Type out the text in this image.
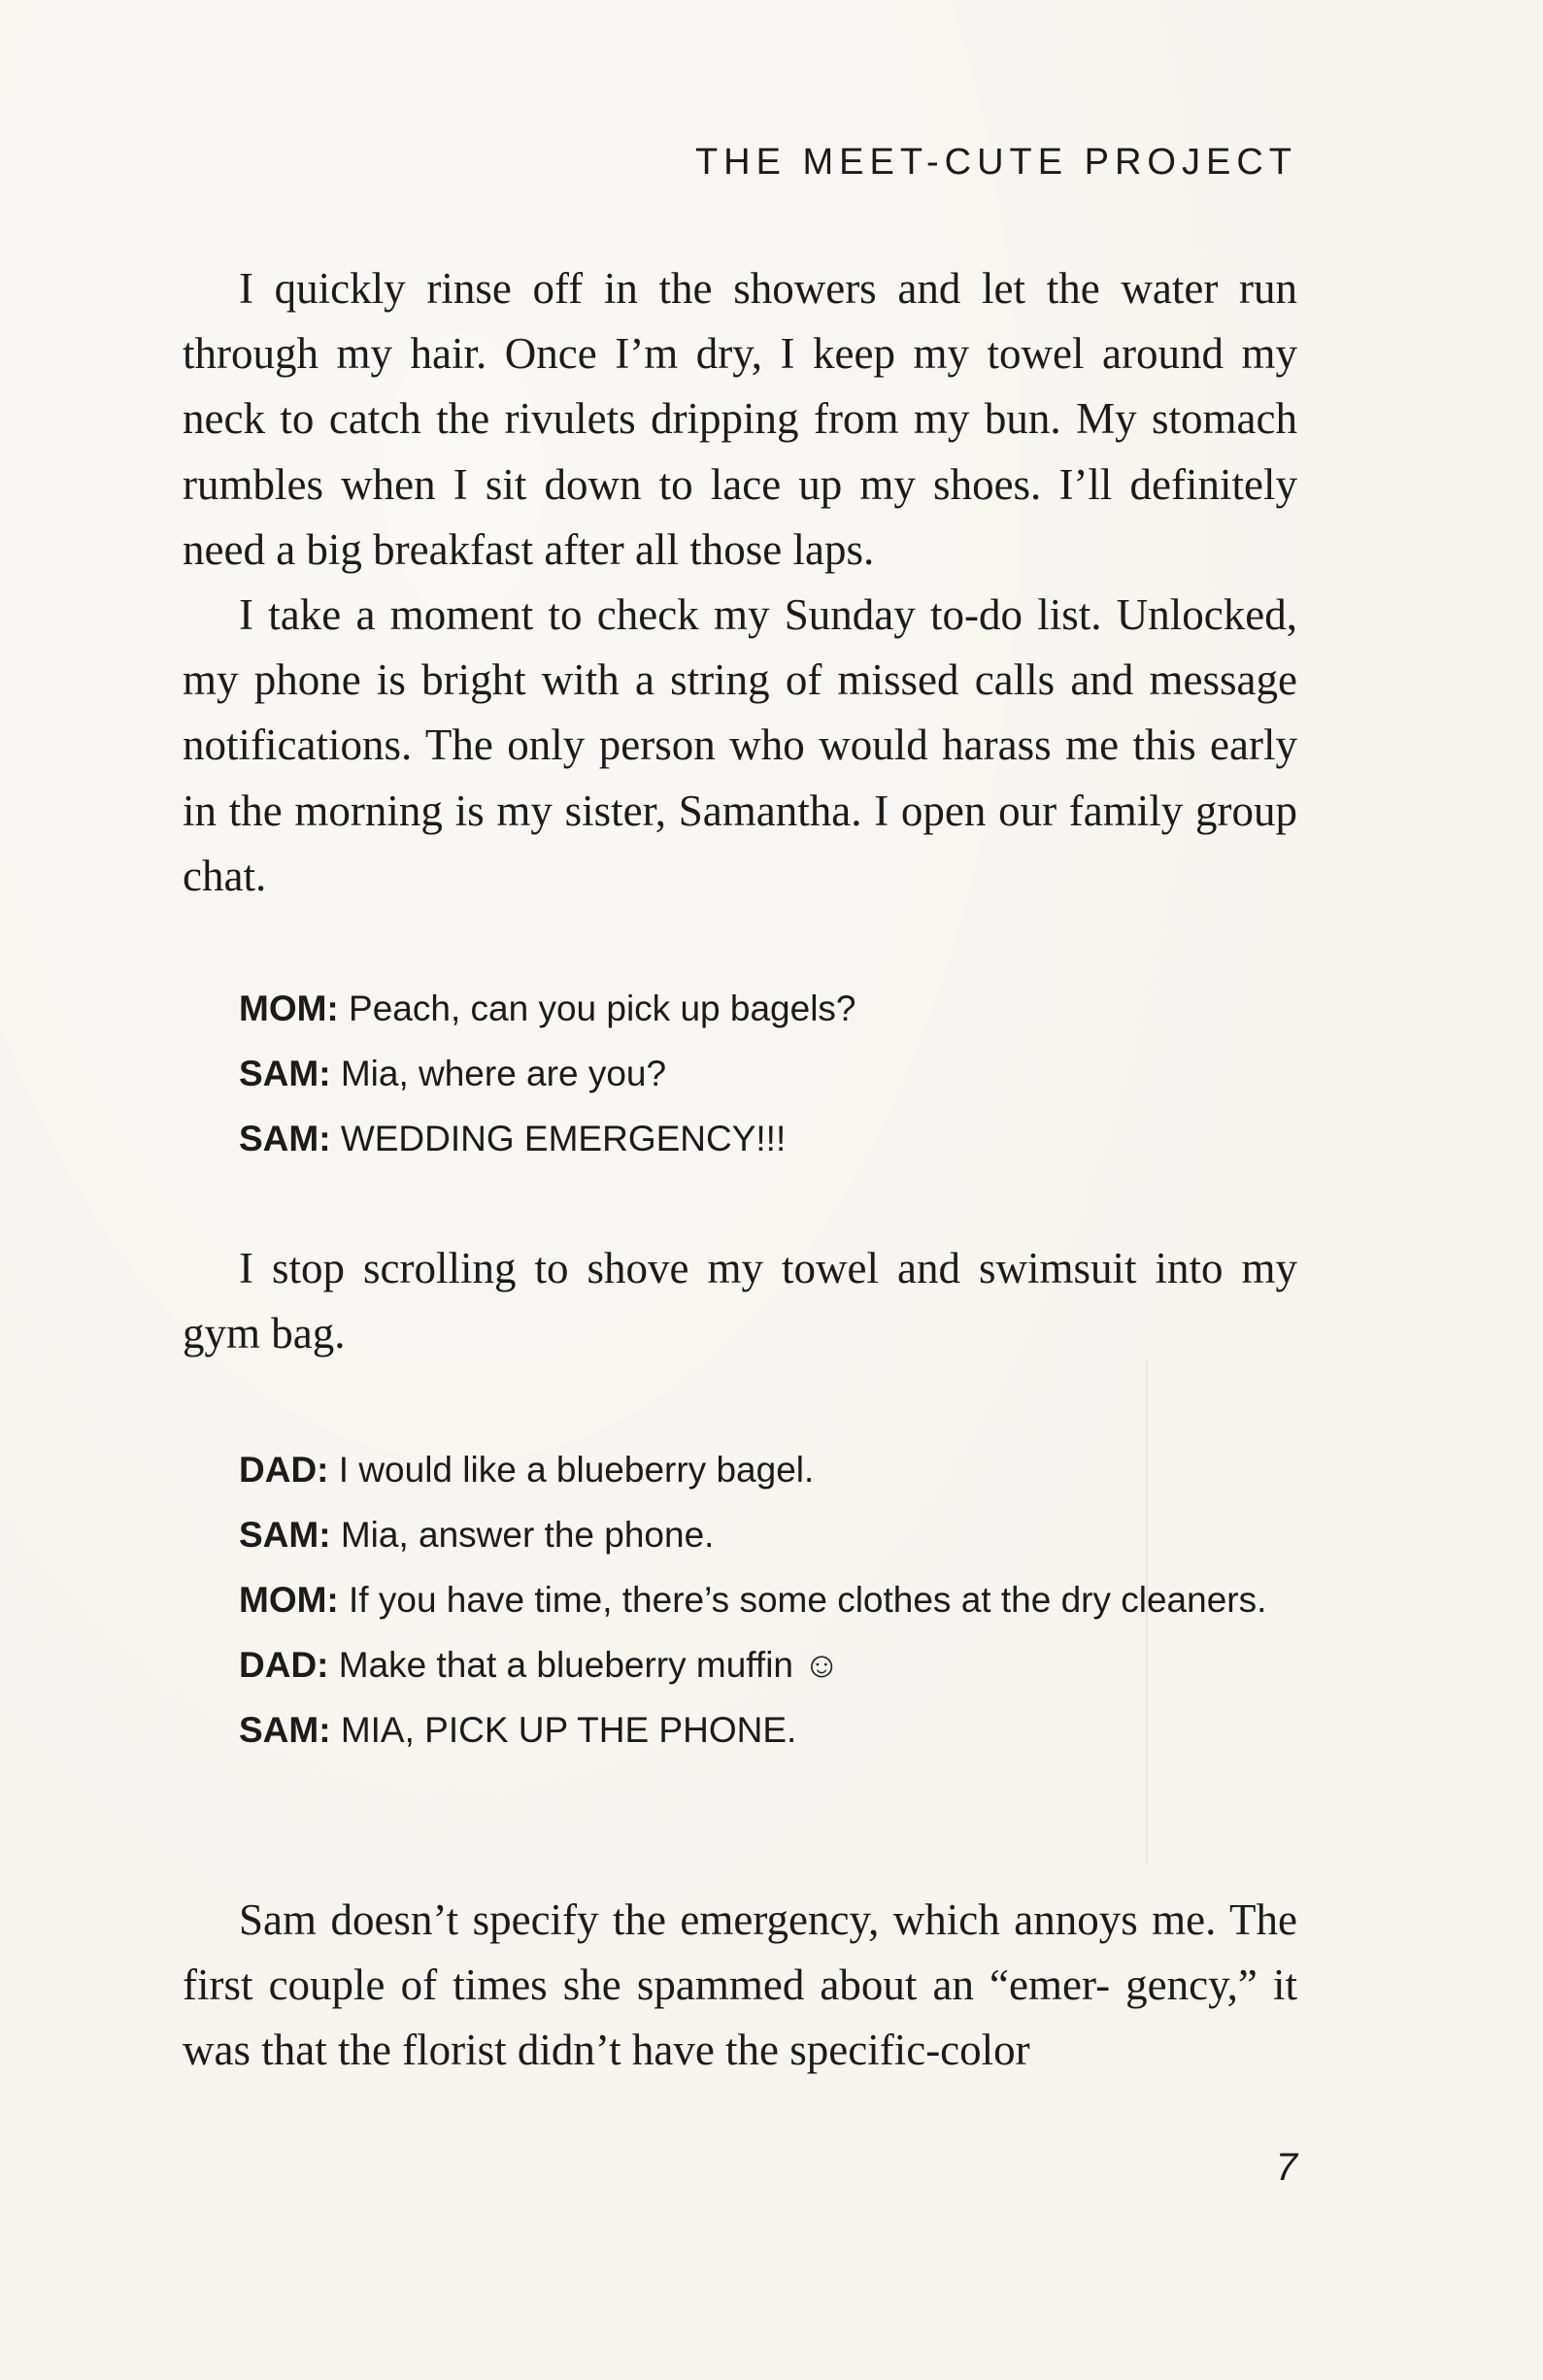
THE MEET-CUTE PROJECT

I quickly rinse off in the showers and let the water run through my hair. Once I’m dry, I keep my towel around my neck to catch the rivulets dripping from my bun. My stomach rumbles when I sit down to lace up my shoes. I’ll definitely need a big breakfast after all those laps.

I take a moment to check my Sunday to-do list. Unlocked, my phone is bright with a string of missed calls and message notifications. The only person who would harass me this early in the morning is my sister, Samantha. I open our family group chat.

MOM: Peach, can you pick up bagels?

SAM: Mia, where are you?

SAM: WEDDING EMERGENCY!!!

I stop scrolling to shove my towel and swimsuit into my gym bag.

DAD: I would like a blueberry bagel.

SAM: Mia, answer the phone.

MOM: If you have time, there’s some clothes at the dry cleaners.

DAD: Make that a blueberry muffin ☺

SAM: MIA, PICK UP THE PHONE.

Sam doesn’t specify the emergency, which annoys me. The first couple of times she spammed about an “emer- gency,” it was that the florist didn’t have the specific-color

7
